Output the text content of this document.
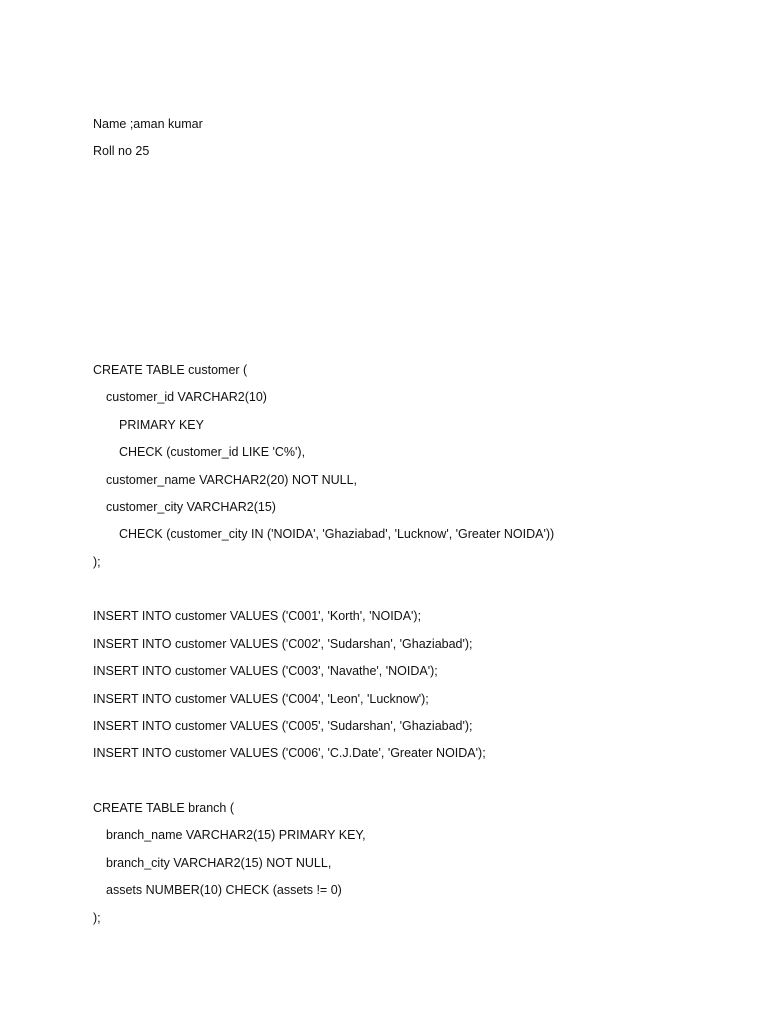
Name ;aman kumar
Roll no 25
CREATE TABLE customer (
customer_id VARCHAR2(10)
PRIMARY KEY
CHECK (customer_id LIKE 'C%'),
customer_name VARCHAR2(20) NOT NULL,
customer_city VARCHAR2(15)
CHECK (customer_city IN ('NOIDA', 'Ghaziabad', 'Lucknow', 'Greater NOIDA'))
);
INSERT INTO customer VALUES ('C001', 'Korth', 'NOIDA');
INSERT INTO customer VALUES ('C002', 'Sudarshan', 'Ghaziabad');
INSERT INTO customer VALUES ('C003', 'Navathe', 'NOIDA');
INSERT INTO customer VALUES ('C004', 'Leon', 'Lucknow');
INSERT INTO customer VALUES ('C005', 'Sudarshan', 'Ghaziabad');
INSERT INTO customer VALUES ('C006', 'C.J.Date', 'Greater NOIDA');
CREATE TABLE branch (
branch_name VARCHAR2(15) PRIMARY KEY,
branch_city VARCHAR2(15) NOT NULL,
assets NUMBER(10) CHECK (assets != 0)
);
